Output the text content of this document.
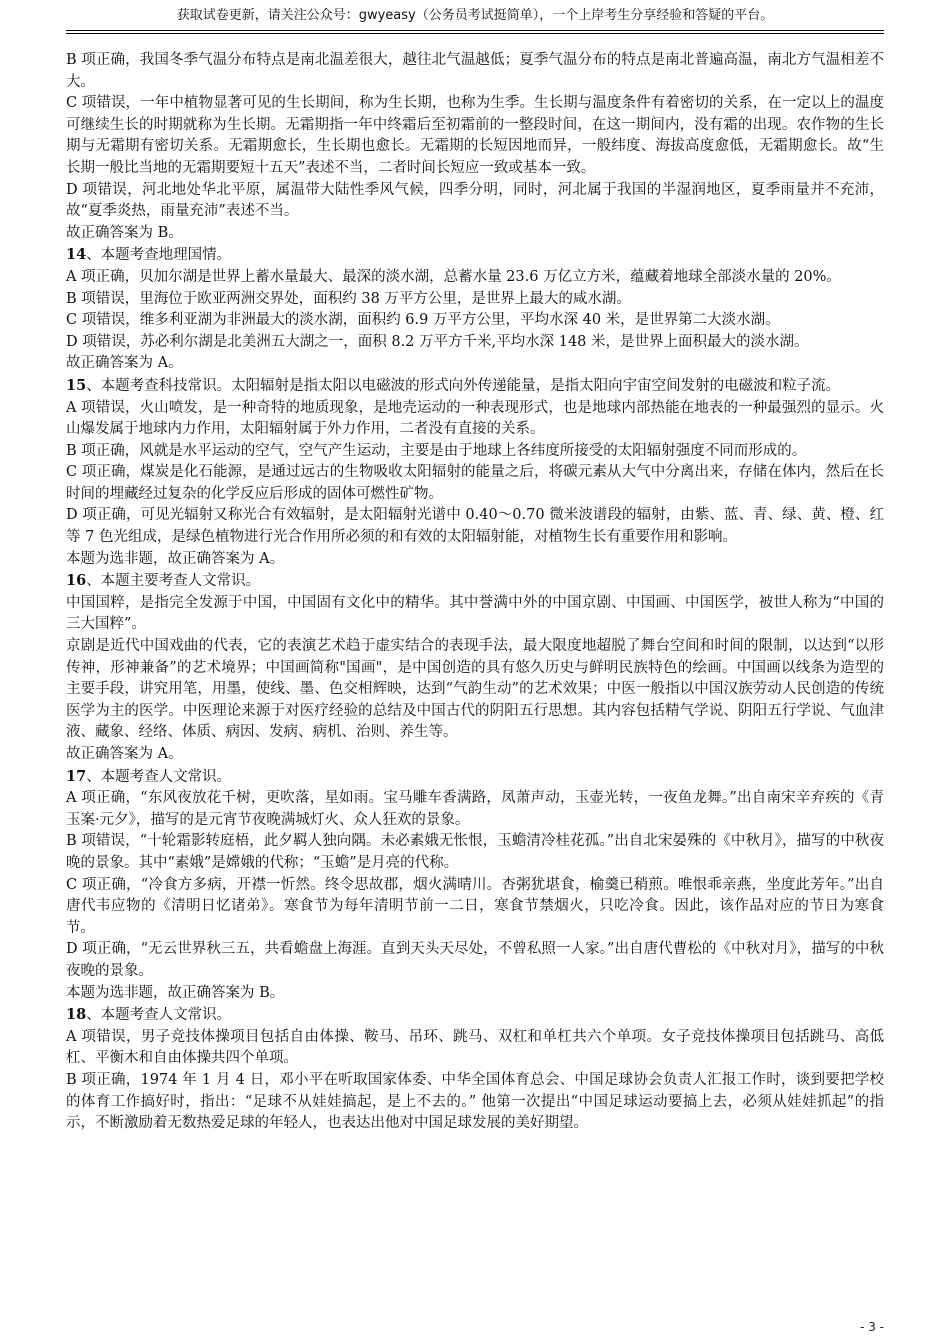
获取试卷更新，请关注公众号：gwyeasy（公务员考试挺简单），一个上岸考生分享经验和答疑的平台。

B 项正确，我国冬季气温分布特点是南北温差很大，越往北气温越低；夏季气温分布的特点是南北普遍高温，南北方气温相差不大。

C 项错误，一年中植物显著可见的生长期间，称为生长期，也称为生季。生长期与温度条件有着密切的关系，在一定以上的温度可继续生长的时期就称为生长期。无霜期指一年中终霜后至初霜前的一整段时间，在这一期间内，没有霜的出现。农作物的生长期与无霜期有密切关系。无霜期愈长，生长期也愈长。无霜期的长短因地而异，一般纬度、海拔高度愈低，无霜期愈长。故“生长期一般比当地的无霜期要短十五天”表述不当，二者时间长短应一致或基本一致。

D 项错误，河北地处华北平原，属温带大陆性季风气候，四季分明，同时，河北属于我国的半湿润地区，夏季雨量并不充沛，故“夏季炎热，雨量充沛”表述不当。

故正确答案为 B。

14、本题考查地理国情。

A 项正确，贝加尔湖是世界上蓄水量最大、最深的淡水湖，总蓄水量 23.6 万亿立方米，蕴藏着地球全部淡水量的 20%。

B 项错误，里海位于欧亚两洲交界处，面积约 38 万平方公里，是世界上最大的咸水湖。

C 项错误，维多利亚湖为非洲最大的淡水湖，面积约 6.9 万平方公里，平均水深 40 米，是世界第二大淡水湖。

D 项错误，苏必利尔湖是北美洲五大湖之一，面积 8.2 万平方千米,平均水深 148 米，是世界上面积最大的淡水湖。

故正确答案为 A。

15、本题考查科技常识。太阳辐射是指太阳以电磁波的形式向外传递能量，是指太阳向宇宙空间发射的电磁波和粒子流。

A 项错误，火山喷发，是一种奇特的地质现象，是地壳运动的一种表现形式，也是地球内部热能在地表的一种最强烈的显示。火山爆发属于地球内力作用，太阳辐射属于外力作用，二者没有直接的关系。

B 项正确，风就是水平运动的空气，空气产生运动，主要是由于地球上各纬度所接受的太阳辐射强度不同而形成的。

C 项正确，煤炭是化石能源，是通过远古的生物吸收太阳辐射的能量之后，将碳元素从大气中分离出来，存储在体内，然后在长时间的埋藏经过复杂的化学反应后形成的固体可燃性矿物。

D 项正确，可见光辐射又称光合有效辐射，是太阳辐射光谱中 0.40～0.70 微米波谱段的辐射，由紫、蓝、青、绿、黄、橙、红等 7 色光组成，是绿色植物进行光合作用所必须的和有效的太阳辐射能，对植物生长有重要作用和影响。

本题为选非题，故正确答案为 A。

16、本题主要考查人文常识。

中国国粹，是指完全发源于中国，中国固有文化中的精华。其中誉满中外的中国京剧、中国画、中国医学，被世人称为“中国的三大国粹”。

京剧是近代中国戏曲的代表，它的表演艺术趋于虚实结合的表现手法，最大限度地超脱了舞台空间和时间的限制，以达到“以形传神，形神兼备”的艺术境界；中国画简称"国画"，是中国创造的具有悠久历史与鲜明民族特色的绘画。中国画以线条为造型的主要手段，讲究用笔，用墨，使线、墨、色交相辉映，达到“气韵生动”的艺术效果；中医一般指以中国汉族劳动人民创造的传统医学为主的医学。中医理论来源于对医疗经验的总结及中国古代的阴阳五行思想。其内容包括精气学说、阴阳五行学说、气血津液、藏象、经络、体质、病因、发病、病机、治则、养生等。

故正确答案为 A。

17、本题考查人文常识。

A 项正确，“东风夜放花千树，更吹落，星如雨。宝马雕车香满路，凤萧声动，玉壶光转，一夜鱼龙舞。”出自南宋辛弃疾的《青玉案·元夕》，描写的是元宵节夜晚满城灯火、众人狂欢的景象。

B 项错误，“十轮霜影转庭梧，此夕羁人独向隅。未必素娥无怅恨，玉蟾清冷桂花孤。”出自北宋晏殊的《中秋月》，描写的中秋夜晚的景象。其中“素娥”是嫦娥的代称；“玉蟾”是月亮的代称。

C 项正确，“冷食方多病，开襟一忻然。终令思故郡，烟火满晴川。杏粥犹堪食，榆羹已稍煎。唯恨乖亲燕，坐度此芳年。”出自唐代韦应物的《清明日忆诸弟》。寒食节为每年清明节前一二日，寒食节禁烟火，只吃冷食。因此，该作品对应的节日为寒食节。

D 项正确，“无云世界秋三五，共看蟾盘上海涯。直到天头天尽处，不曾私照一人家。”出自唐代曹松的《中秋对月》，描写的中秋夜晚的景象。

本题为选非题，故正确答案为 B。

18、本题考查人文常识。

A 项错误，男子竞技体操项目包括自由体操、鞍马、吊环、跳马、双杠和单杠共六个单项。女子竞技体操项目包括跳马、高低杠、平衡木和自由体操共四个单项。

B 项正确，1974 年 1 月 4 日，邓小平在听取国家体委、中华全国体育总会、中国足球协会负责人汇报工作时，谈到要把学校的体育工作搞好时，指出：“足球不从娃娃搞起，是上不去的。” 他第一次提出“中国足球运动要搞上去，必须从娃娃抓起”的指示，不断激励着无数热爱足球的年轻人，也表达出他对中国足球发展的美好期望。

- 3 -
